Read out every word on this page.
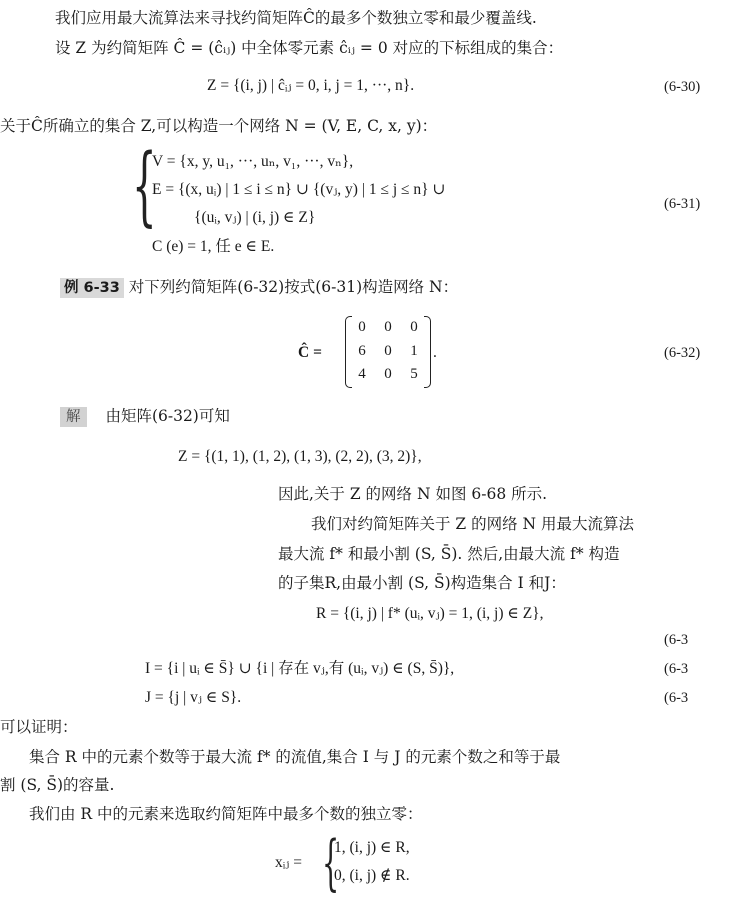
我们应用最大流算法来寻找约简矩阵Ĉ的最多个数独立零和最少覆盖线.
设 Z 为约简矩阵 Ĉ = (ĉᵢⱼ) 中全体零元素 ĉᵢⱼ = 0 对应的下标组成的集合：
Z = {(i, j) | ĉᵢⱼ = 0, i, j = 1, ···, n}.	(6-30)
关于Ĉ所确立的集合 Z,可以构造一个网络 N = (V, E, C, x, y)：
{
V = {x, y, u₁, ···, uₙ, v₁, ···, vₙ},
E = {(x, uᵢ) | 1 ≤ i ≤ n} ∪ {(vⱼ, y) | 1 ≤ j ≤ n} ∪
{(uᵢ, vⱼ) | (i, j) ∈ Z}
C (e) = 1, 任 e ∈ E.
(6-31)
例 6-33 对下列约简矩阵(6-32)按式(6-31)构造网络 N：
Ĉ =
0	0	0
6	0	1
4	0	5
.	(6-32)
解 由矩阵(6-32)可知
Z = {(1, 1), (1, 2), (1, 3), (2, 2), (3, 2)},
因此,关于 Z 的网络 N 如图 6-68 所示.
我们对约简矩阵关于 Z 的网络 N 用最大流算法
最大流 f* 和最小割 (S, S̄). 然后,由最大流 f* 构造
的子集R,由最小割 (S, S̄)构造集合 I 和J：
R = {(i, j) | f* (uᵢ, vⱼ) = 1, (i, j) ∈ Z},
(6-3
I = {i | uᵢ ∈ S̄} ∪ {i | 存在 vⱼ,有 (uᵢ, vⱼ) ∈ (S, S̄)},	(6-3
J = {j | vⱼ ∈ S}.	(6-3
可以证明：
集合 R 中的元素个数等于最大流 f* 的流值,集合 I 与 J 的元素个数之和等于最
割 (S, S̄)的容量.
我们由 R 中的元素来选取约简矩阵中最多个数的独立零：
xᵢⱼ = {
1, (i, j) ∈ R,
0, (i, j) ∉ R.
